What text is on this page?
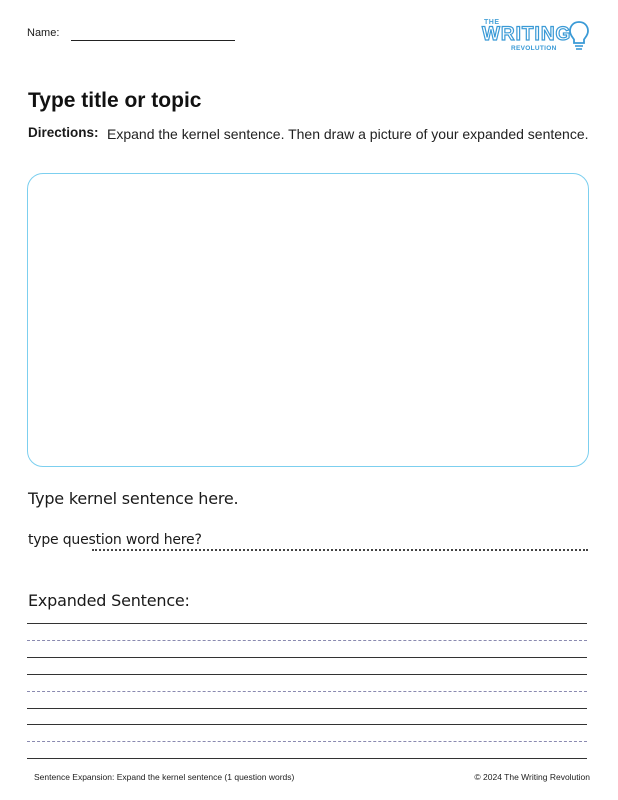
Name:
THE
WRITING
REVOLUTION
Type title or topic
Directions: Expand the kernel sentence. Then draw a picture of your expanded sentence.
Type kernel sentence here.
type question word here?
Expanded Sentence:
Sentence Expansion: Expand the kernel sentence (1 question words)	© 2024 The Writing Revolution
